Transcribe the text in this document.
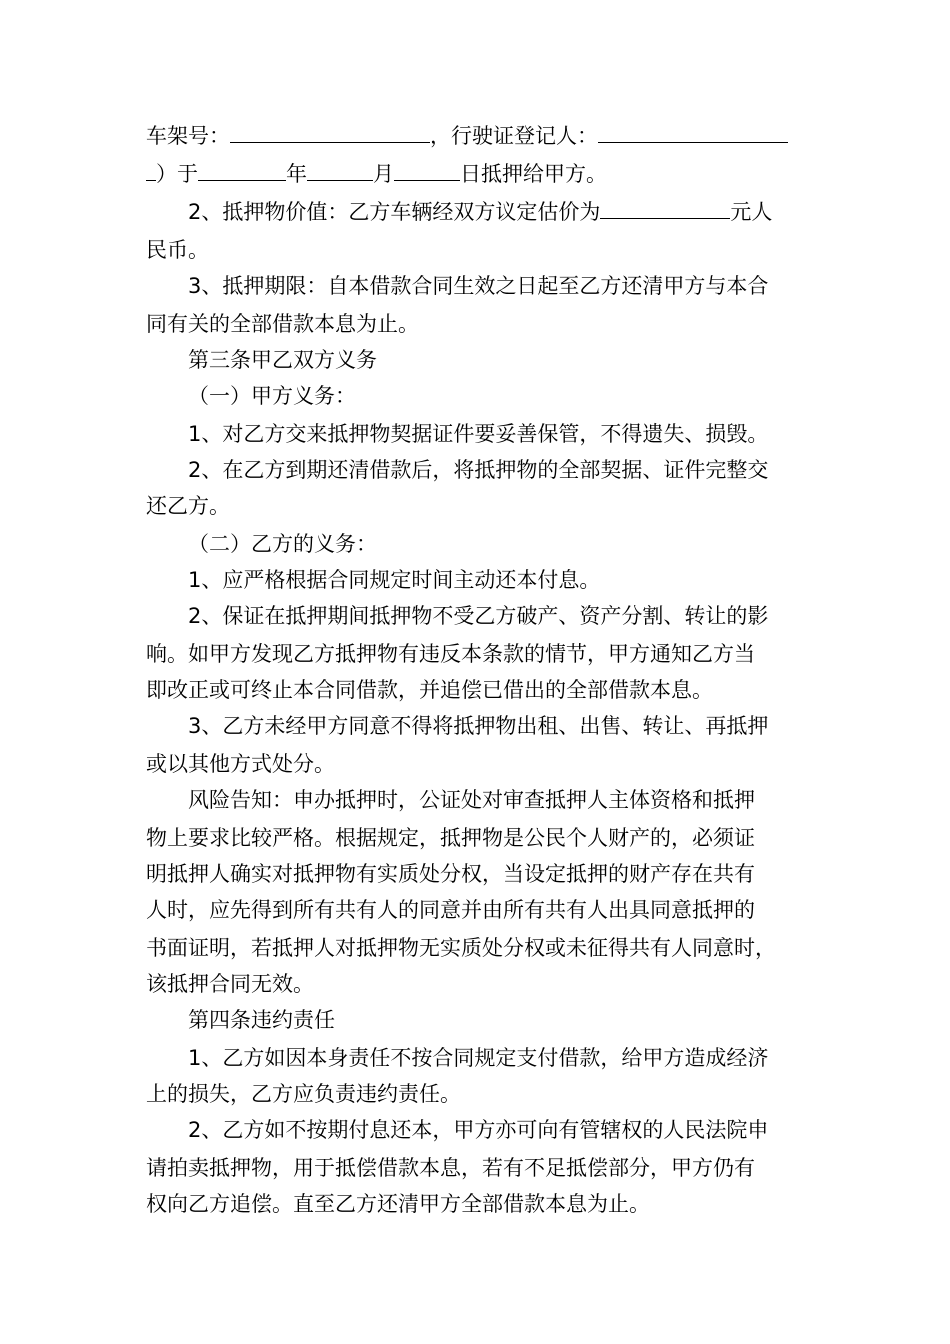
车架号：	，行驶证登记人：
）于	年	月	日抵押给甲方。
2、抵押物价值：乙方车辆经双方议定估价为	元人
民币。
3、抵押期限：自本借款合同生效之日起至乙方还清甲方与本合
同有关的全部借款本息为止。
第三条甲乙双方义务
（一）甲方义务：
1、对乙方交来抵押物契据证件要妥善保管，不得遗失、损毁。
2、在乙方到期还清借款后，将抵押物的全部契据、证件完整交
还乙方。
（二）乙方的义务：
1、应严格根据合同规定时间主动还本付息。
2、保证在抵押期间抵押物不受乙方破产、资产分割、转让的影
响。如甲方发现乙方抵押物有违反本条款的情节，甲方通知乙方当
即改正或可终止本合同借款，并追偿已借出的全部借款本息。
3、乙方未经甲方同意不得将抵押物出租、出售、转让、再抵押
或以其他方式处分。
风险告知：申办抵押时，公证处对审查抵押人主体资格和抵押
物上要求比较严格。根据规定，抵押物是公民个人财产的，必须证
明抵押人确实对抵押物有实质处分权，当设定抵押的财产存在共有
人时，应先得到所有共有人的同意并由所有共有人出具同意抵押的
书面证明，若抵押人对抵押物无实质处分权或未征得共有人同意时，
该抵押合同无效。
第四条违约责任
1、乙方如因本身责任不按合同规定支付借款，给甲方造成经济
上的损失，乙方应负责违约责任。
2、乙方如不按期付息还本，甲方亦可向有管辖权的人民法院申
请拍卖抵押物，用于抵偿借款本息，若有不足抵偿部分，甲方仍有
权向乙方追偿。直至乙方还清甲方全部借款本息为止。
